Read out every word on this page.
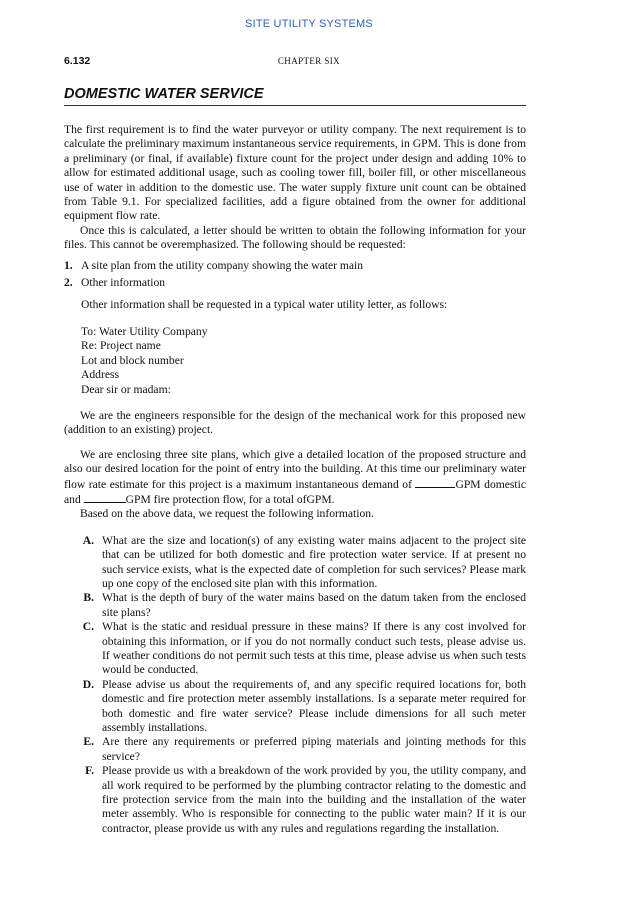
SITE UTILITY SYSTEMS
6.132	CHAPTER SIX
DOMESTIC WATER SERVICE

The first requirement is to find the water purveyor or utility company. The next requirement is to calculate the preliminary maximum instantaneous service requirements, in GPM. This is done from a preliminary (or final, if available) fixture count for the project under design and adding 10% to allow for estimated additional usage, such as cooling tower fill, boiler fill, or other miscellaneous use of water in addition to the domestic use. The water supply fixture unit count can be obtained from Table 9.1. For specialized facilities, add a figure obtained from the owner for additional equipment flow rate.

Once this is calculated, a letter should be written to obtain the following information for your files. This cannot be overemphasized. The following should be requested:

1. A site plan from the utility company showing the water main
2. Other information

Other information shall be requested in a typical water utility letter, as follows:

To: Water Utility Company
Re: Project name
Lot and block number
Address
Dear sir or madam:

We are the engineers responsible for the design of the mechanical work for this proposed new (addition to an existing) project.

We are enclosing three site plans, which give a detailed location of the proposed structure and also our desired location for the point of entry into the building. At this time our preliminary water flow rate estimate for this project is a maximum instantaneous demand of	GPM domestic and	GPM fire protection flow, for a total ofGPM.

Based on the above data, we request the following information.

A. What are the size and location(s) of any existing water mains adjacent to the project site that can be utilized for both domestic and fire protection water service. If at present no such service exists, what is the expected date of completion for such services? Please mark up one copy of the enclosed site plan with this information.
B. What is the depth of bury of the water mains based on the datum taken from the enclosed site plans?
C. What is the static and residual pressure in these mains? If there is any cost involved for obtaining this information, or if you do not normally conduct such tests, please advise us. If weather conditions do not permit such tests at this time, please advise us when such tests would be conducted.
D. Please advise us about the requirements of, and any specific required locations for, both domestic and fire protection meter assembly installations. Is a separate meter required for both domestic and fire water service? Please include dimensions for all such meter assembly installations.
E. Are there any requirements or preferred piping materials and jointing methods for this service?
F. Please provide us with a breakdown of the work provided by you, the utility company, and all work required to be performed by the plumbing contractor relating to the domestic and fire protection service from the main into the building and the installation of the water meter assembly. Who is responsible for connecting to the public water main? If it is our contractor, please provide us with any rules and regulations regarding the installation.
